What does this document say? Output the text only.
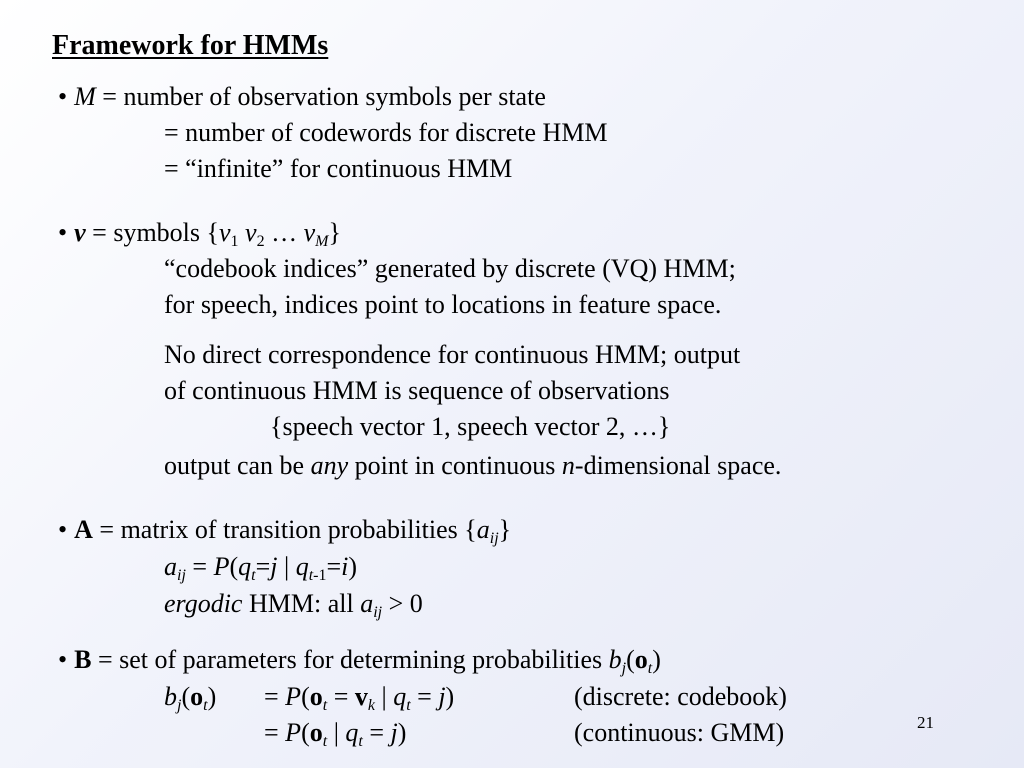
Framework for HMMs
• M = number of observation symbols per state
= number of codewords for discrete HMM
= “infinite” for continuous HMM
• v = symbols {$v_1$ $v_2$ … $v_M$}
“codebook indices” generated by discrete (VQ) HMM;
for speech, indices point to locations in feature space.
No direct correspondence for continuous HMM; output
of continuous HMM is sequence of observations
{speech vector 1, speech vector 2, …}
output can be any point in continuous n-dimensional space.
• A = matrix of transition probabilities $\{a_{ij}\}$
$a_{ij} = P(q_t=j$ | $q_{t-1}=i$)
ergodic HMM: all $a_{ij} > 0$
• B = set of parameters for determining probabilities $b_j(o_t)$
$b_j(o_t) = P(o_t = v_k$ | $q_t = j$)	(discrete: codebook)
= $P(o_t$ | $q_t = j$)	(continuous: GMM)	21
